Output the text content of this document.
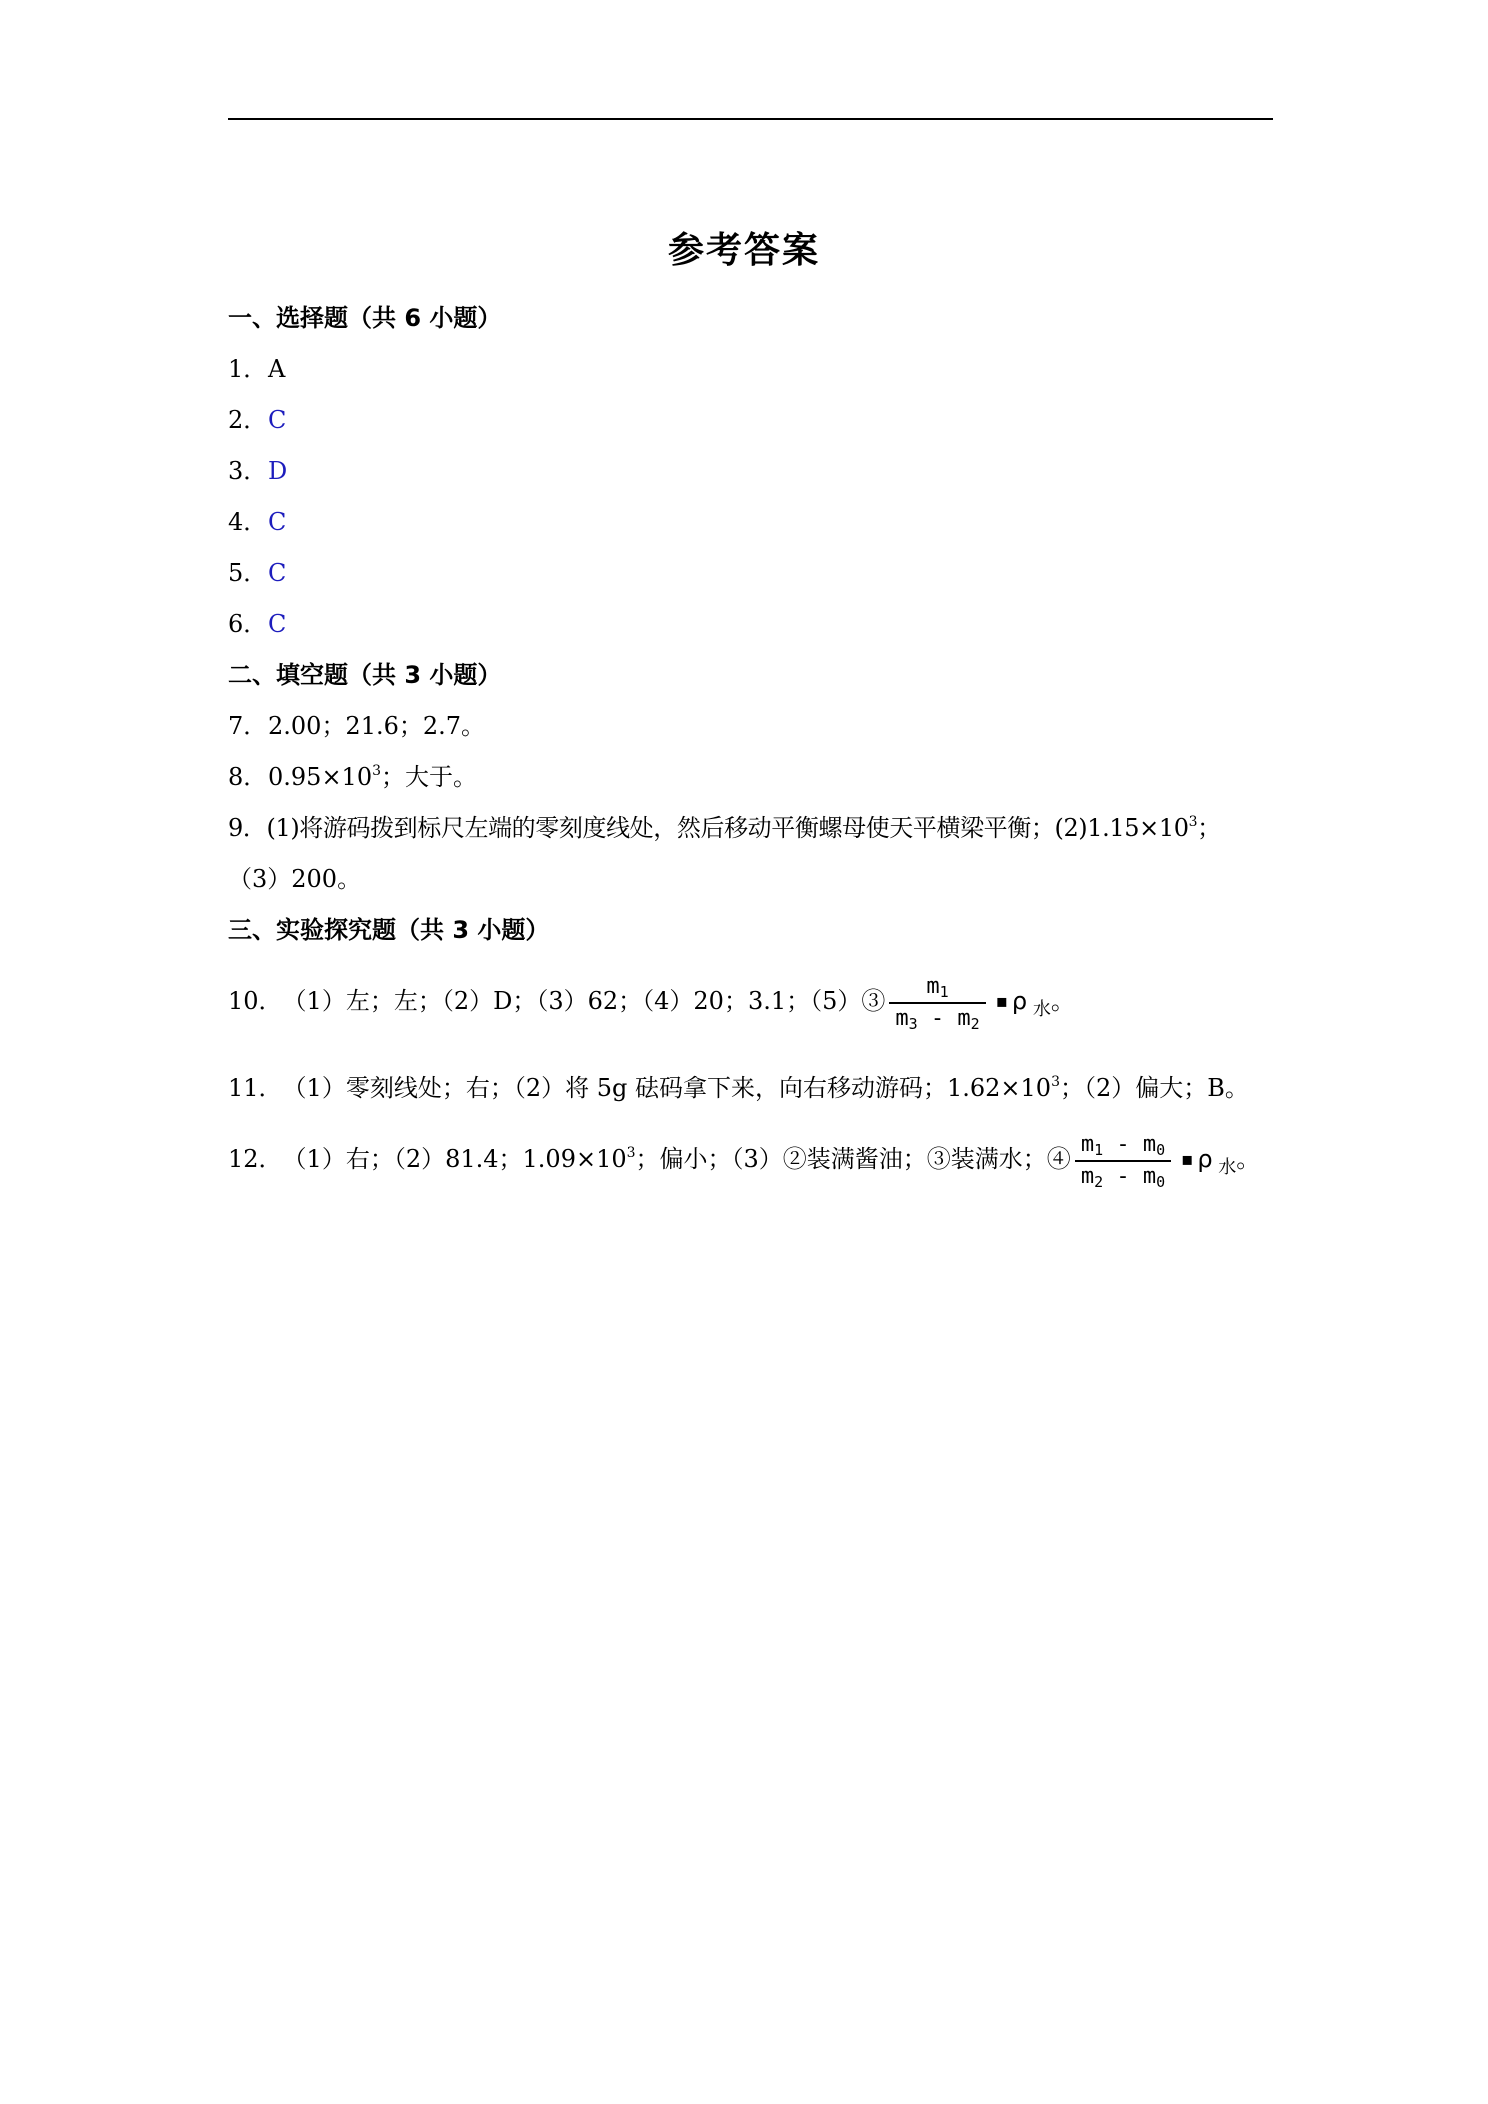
参考答案
一、选择题（共 6 小题）
1．A
2．C
3．D
4．C
5．C
6．C
二、填空题（共 3 小题）
7．2.00；21.6；2.7。
8．$0.95\times 10^3$；大于。
9．(1)将游码拨到标尺左端的零刻度线处，然后移动平衡螺母使天平横梁平衡；$(2)1.15\times 10^3$；
（3）200。
三、实验探究题（共 3 小题）
10．（1）左；左；（2）D；（3）62；（4）20；3.1；（5）③ $\frac{m_1}{m_3 - m_2}$ ▪ ρ $_水$。
11．（1）零刻线处；右；（2）将 5g 砝码拿下来，向右移动游码；$1.62\times 10^3$；（2）偏大；B。
12．（1）右；（2）81.4；$1.09\times 10^3$；偏小；（3）②装满酱油；③装满水；④ $\frac{m_1 - m_0}{m_2 - m_0}$ ▪ ρ $_水$。
